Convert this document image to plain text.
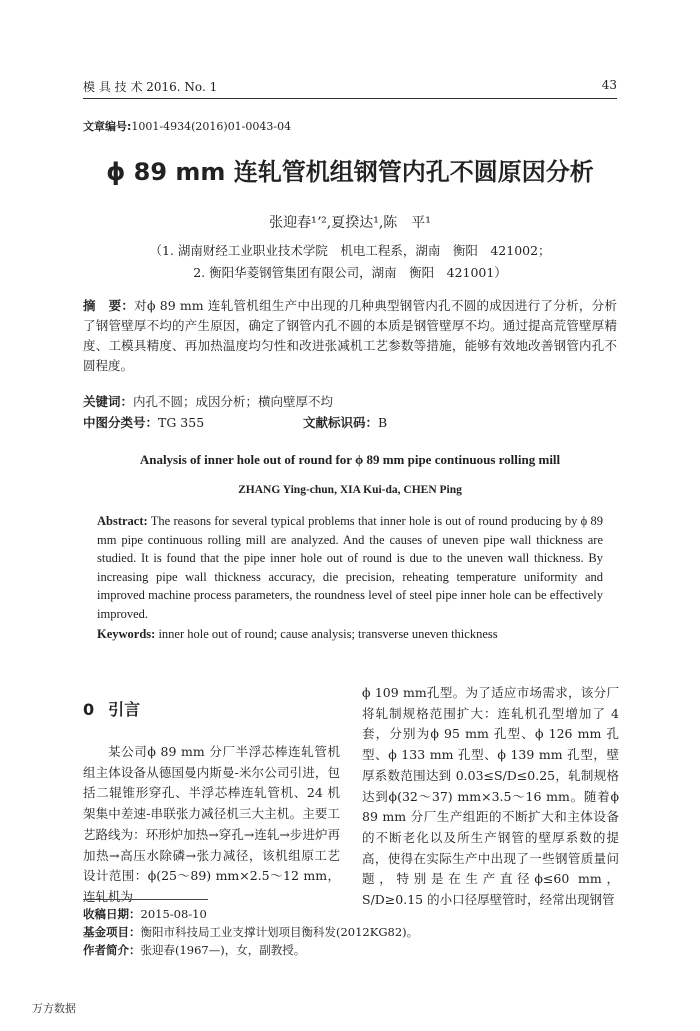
模 具 技 术 2016. No. 1	43
文章编号:1001-4934(2016)01-0043-04
ϕ 89 mm 连轧管机组钢管内孔不圆原因分析
张迎春¹ʼ²,夏揆达¹,陈　平¹
（1. 湖南财经工业职业技术学院　机电工程系，湖南　衡阳　421002；
2. 衡阳华菱钢管集团有限公司，湖南　衡阳　421001）
摘　要：对ϕ 89 mm 连轧管机组生产中出现的几种典型钢管内孔不圆的成因进行了分析，分析了钢管壁厚不均的产生原因，确定了钢管内孔不圆的本质是钢管壁厚不均。通过提高荒管壁厚精度、工模具精度、再加热温度均匀性和改进张减机工艺参数等措施，能够有效地改善钢管内孔不圆程度。
关键词：内孔不圆；成因分析；横向壁厚不均
中图分类号：TG 355	文献标识码：B
Analysis of inner hole out of round for ϕ 89 mm pipe continuous rolling mill
ZHANG Ying-chun, XIA Kui-da, CHEN Ping
Abstract: The reasons for several typical problems that inner hole is out of round producing by ϕ 89 mm pipe continuous rolling mill are analyzed. And the causes of uneven pipe wall thickness are studied. It is found that the pipe inner hole out of round is due to the uneven wall thickness. By increasing pipe wall thickness accuracy, die precision, reheating temperature uniformity and improved machine process parameters, the roundness level of steel pipe inner hole can be effectively improved.
Keywords: inner hole out of round; cause analysis; transverse uneven thickness
0 引言

某公司ϕ 89 mm 分厂半浮芯棒连轧管机组主体设备从德国曼内斯曼-米尔公司引进，包括二辊锥形穿孔、半浮芯棒连轧管机、24 机架集中差速-串联张力减径机三大主机。主要工艺路线为：环形炉加热→穿孔→连轧→步进炉再加热→高压水除磷→张力减径，该机组原工艺设计范围：ϕ(25～89) mm×2.5～12 mm，连轧机为

ϕ 109 mm孔型。为了适应市场需求，该分厂将轧制规格范围扩大：连轧机孔型增加了 4 套，分别为ϕ 95 mm 孔型、ϕ 126 mm 孔型、ϕ 133 mm 孔型、ϕ 139 mm 孔型，壁厚系数范围达到 0.03≤S/D≤0.25，轧制规格达到ϕ(32～37) mm×3.5～16 mm。随着ϕ 89 mm 分厂生产组距的不断扩大和主体设备的不断老化以及所生产钢管的壁厚系数的提高，使得在实际生产中出现了一些钢管质量问题，特别是在生产直径ϕ≤60 mm，S/D≥0.15 的小口径厚壁管时，经常出现钢管

收稿日期：2015-08-10
基金项目：衡阳市科技局工业支撑计划项目衡科发(2012KG82)。
作者简介：张迎春(1967—)，女，副教授。
万方数据
